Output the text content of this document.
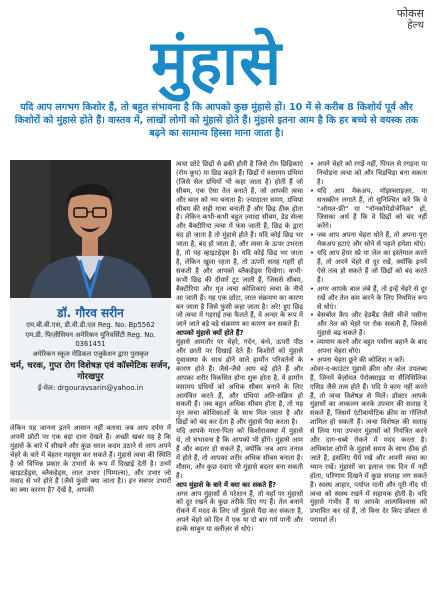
फोकस
हेल्थ
मुंहासे
यदि आप लगभग किशोर हैं, तो बहुत संभावना है कि आपको कुछ मुंहासे हों। 10 में से करीब 8 किशोर्य पूर्व और किशोरों को मुंहासे होते हैं। वास्तव में, लाखों लोगों को मुंहासे होते हैं। मुंहासे इतना आम है कि हर बच्चे से वयस्क तक बढ़ने का सामान्य हिस्सा माना जाता है।
डॉ. गौरव सरीन
एम.बी.बी.एस, डी.वी.डी.एल Reg. No. Bp5562
एम.डी. फिज़ीसियन अमेरिकन यूनिवर्सिटी Reg. No. 0361451
अमेरिकन स्कूल मेडिकल एजुकेशन द्वारा पुरस्कृत
चर्म, चरक, गुप्त रोग विशेषज्ञ एवं कॉस्मेटिक सर्जन, गोरखपुर
ई-मेल: drgouravsarin@yahoo.in

लेकिन यह जानना इतने आसान नहीं बताया जब आप दर्पण में अपनी छोटी पर एक बड़ा दाना देखते हैं। अच्छी खबर यह है कि मुंहासे के बारे में सीखने और कुछ सरल कदम उठाने से आप अपने चेहरे के बारे में बेहतर महसूस कर सकते हैं। मुंहासे त्वचा की स्थिति है जो विभिन्न प्रकार के उभारों के रूप में दिखाई देती है। उनमें व्हाइटहेड्स, ब्लैकहेड्स, लाल उभार (पिम्पल्स), और उभार जो मवाद से भरे होते हैं (जैसे फुंसी क्या जाता है)। इन सबपर उभारों का क्या कारण है? देखें है, आपकी

त्वचा छोटे छिद्रों से ढकी होती है जिसे रोम छिद्रिकाएं (रोम कूप) या छिद्र कहते हैं। छिद्रों में वसामय ग्रंथियां (जिसे सेल ग्रंथियों भी कहा जाता है) होती हैं जो सीबम, एक ऐसा तेल बनाते हैं, जो आपकी त्वचा और बाल को नम बनाता है। ज़्यादातर समय, ग्रंथियां सीबम की सही मात्रा बनाती हैं और छिद्र ठीक होता है। लेकिन कभी-कभी बहुत ज़्यादा सीबम, डेड सेल्स और बैक्टीरिया त्वचा में फंस जाती हैं, छिद्र के द्वारा बंद हो जाता है तो मुंहासे होते हैं। यदि कोई छिद्र भर जाता है, बंद हो जाता है, और त्वचा के ऊपर उभरता है, तो यह व्हाइटहेड्स है। यदि कोई छिद्र भर जाता है, लेकिन खुला रहता है, तो ऊपरी सतह गहरी हो सकती है और आपको ब्लैकहेड्स दिखेगा। कभी-कभी छिद्र की दीवारें टूट जाती हैं, जिससे सीबम, बैक्टीरिया और मृत त्वचा कोशिकाएं त्वचा के नीचे आ जाती हैं। यह एक छोटा, लाल संक्रमण का कारण बन जाता है जिसे फुंसी कहा जाता है। अरे! हुए छिद्र जो त्वचा में गहराई तक फैलते हैं, वे अन्दर के रूप में जाने जाते बड़े बड़े संक्रमण का कारण बन सकते हैं।

आपको मुंहासे क्यों होते हैं?

मुंहासे आमतौर पर चेहरे, गर्दन, कंधे, ऊपरी पीठ और छाती पर दिखाई देते हैं। किशोरों को मुंहासे युवावस्था के साथ होने वाले हार्मोन परिवर्तनों के कारण होते हैं। जैसे-जैसे आप बड़े होते हैं और आपका शरीर विकसित होना शुरू होता है, ये हार्मोन वसामय ग्रंथियों को अधिक सीबम बनाने के लिए आमंत्रित करते हैं, और ग्रंथियां अति-सक्रिय हो सकती हैं। जब बहुत अधिक सीबम होता है, तो यह मृत त्वचा कोशिकाओं के साथ मिल जाता है और छिद्रों को बंद कर देता है और मुंहासे पैदा करता है।

यदि आपके माता-पिता को किशोरावस्था में मुंहासे थे, तो संभावना है कि आपको भी होंगे। मुंहासे आम हैं और बदतर हो सकते हैं, क्योंकि जब आप तनाव में होते हैं, तो आपका शरीर अधिक सीबम बनाता है। मौसम, और कुछ दवाएं भी मुंहासे बदतर बना सकती हैं।

आप मुंहासे के बारे में क्या कर सकते हैं?

अगर आप मुंहासों से परेशान हैं, तो यहाँ पर मुंहासों को दूर रखने के कुछ तरीके दिए गए हैं। तेल बनाने रोकने में मदद के लिए जो मुंहासे पैदा कर सकता है, अपने चेहरे को दिन में एक या दो बार गर्म पानी और हल्के साबुन या क्लींज़र से धोएं।

• अपने चेहरे को रगड़ें नहीं, पिंपल से रगड़ना या निचोड़ना त्वचा को और चिड़चिड़ा बना सकता है।

• यदि आप मेकअप, मॉइस्चराइज़र, या सनस्क्रीन लगाते हैं, तो सुनिश्चित करें कि वे "ऑयल-फ्री" या "नॉनकॉमेडोजेनिक" हों, जिसका अर्थ है कि वे छिद्रों को बंद नहीं करेंगे।

• जब आप अपना चेहरा धोते हैं, तो अपना पूरा मेकअप हटाएं और सोने से पहले हमेशा धोएं।

• यदि आप हेयर स्प्रे या जेल का इस्तेमाल करते हैं, तो अपने चेहरे से दूर रखें, क्योंकि इनमें ऐसे तत्व हो सकते हैं जो छिद्रों को बंद करते हैं।

• अगर आपके बाल लंबे हैं, तो इन्हें चेहरे से दूर रखें और तेल कम करने के लिए नियमित रूप से धोएं।

• बेसबॉल कैप और हेडबैंड जैसी चीजें पसीना और तेल को चेहरे पर रोक सकती हैं, जिससे मुंहासे बढ़ सकते हैं।

• व्यायाम करने और बहुत पसीना बहाने के बाद अपना चेहरा धोएं।

• अपना चेहरा छूने की कोशिश न करें।

ओवर-द-काउंटर मुंहासे क्रीम और जेल उपलब्ध हैं, जिनमें बेंज़ॉयल पेरोक्साइड या सैलिसिलिक एसिड जैसे तत्व होते हैं। यदि ये काम नहीं करते हैं, तो त्वचा विशेषज्ञ से मिलें। डॉक्टर आपके मुंहासों का आकलन करके उपचार की सलाह दे सकते हैं, जिसमें एंटीबायोटिक क्रीम या गोलियाँ शामिल हो सकती हैं। त्वचा विशेषज्ञ की सलाह से लिया गया उपचार मुंहासों को नियंत्रित करने और दाग-धब्बे रोकने में मदद करता है। अधिकांश लोगों के मुंहासे समय के साथ ठीक हो जाते हैं, इसलिए धैर्य रखें और अपनी त्वचा का ध्यान रखें। मुंहासों का इलाज एक दिन में नहीं होता, परिणाम दिखने में कुछ सप्ताह लग सकते हैं। स्वस्थ आहार, पर्याप्त पानी और पूरी नींद भी त्वचा को स्वस्थ रखने में सहायक होती है। यदि मुंहासे गंभीर हैं या आपके आत्मविश्वास को प्रभावित कर रहे हैं, तो बिना देर किए डॉक्टर से परामर्श लें।
